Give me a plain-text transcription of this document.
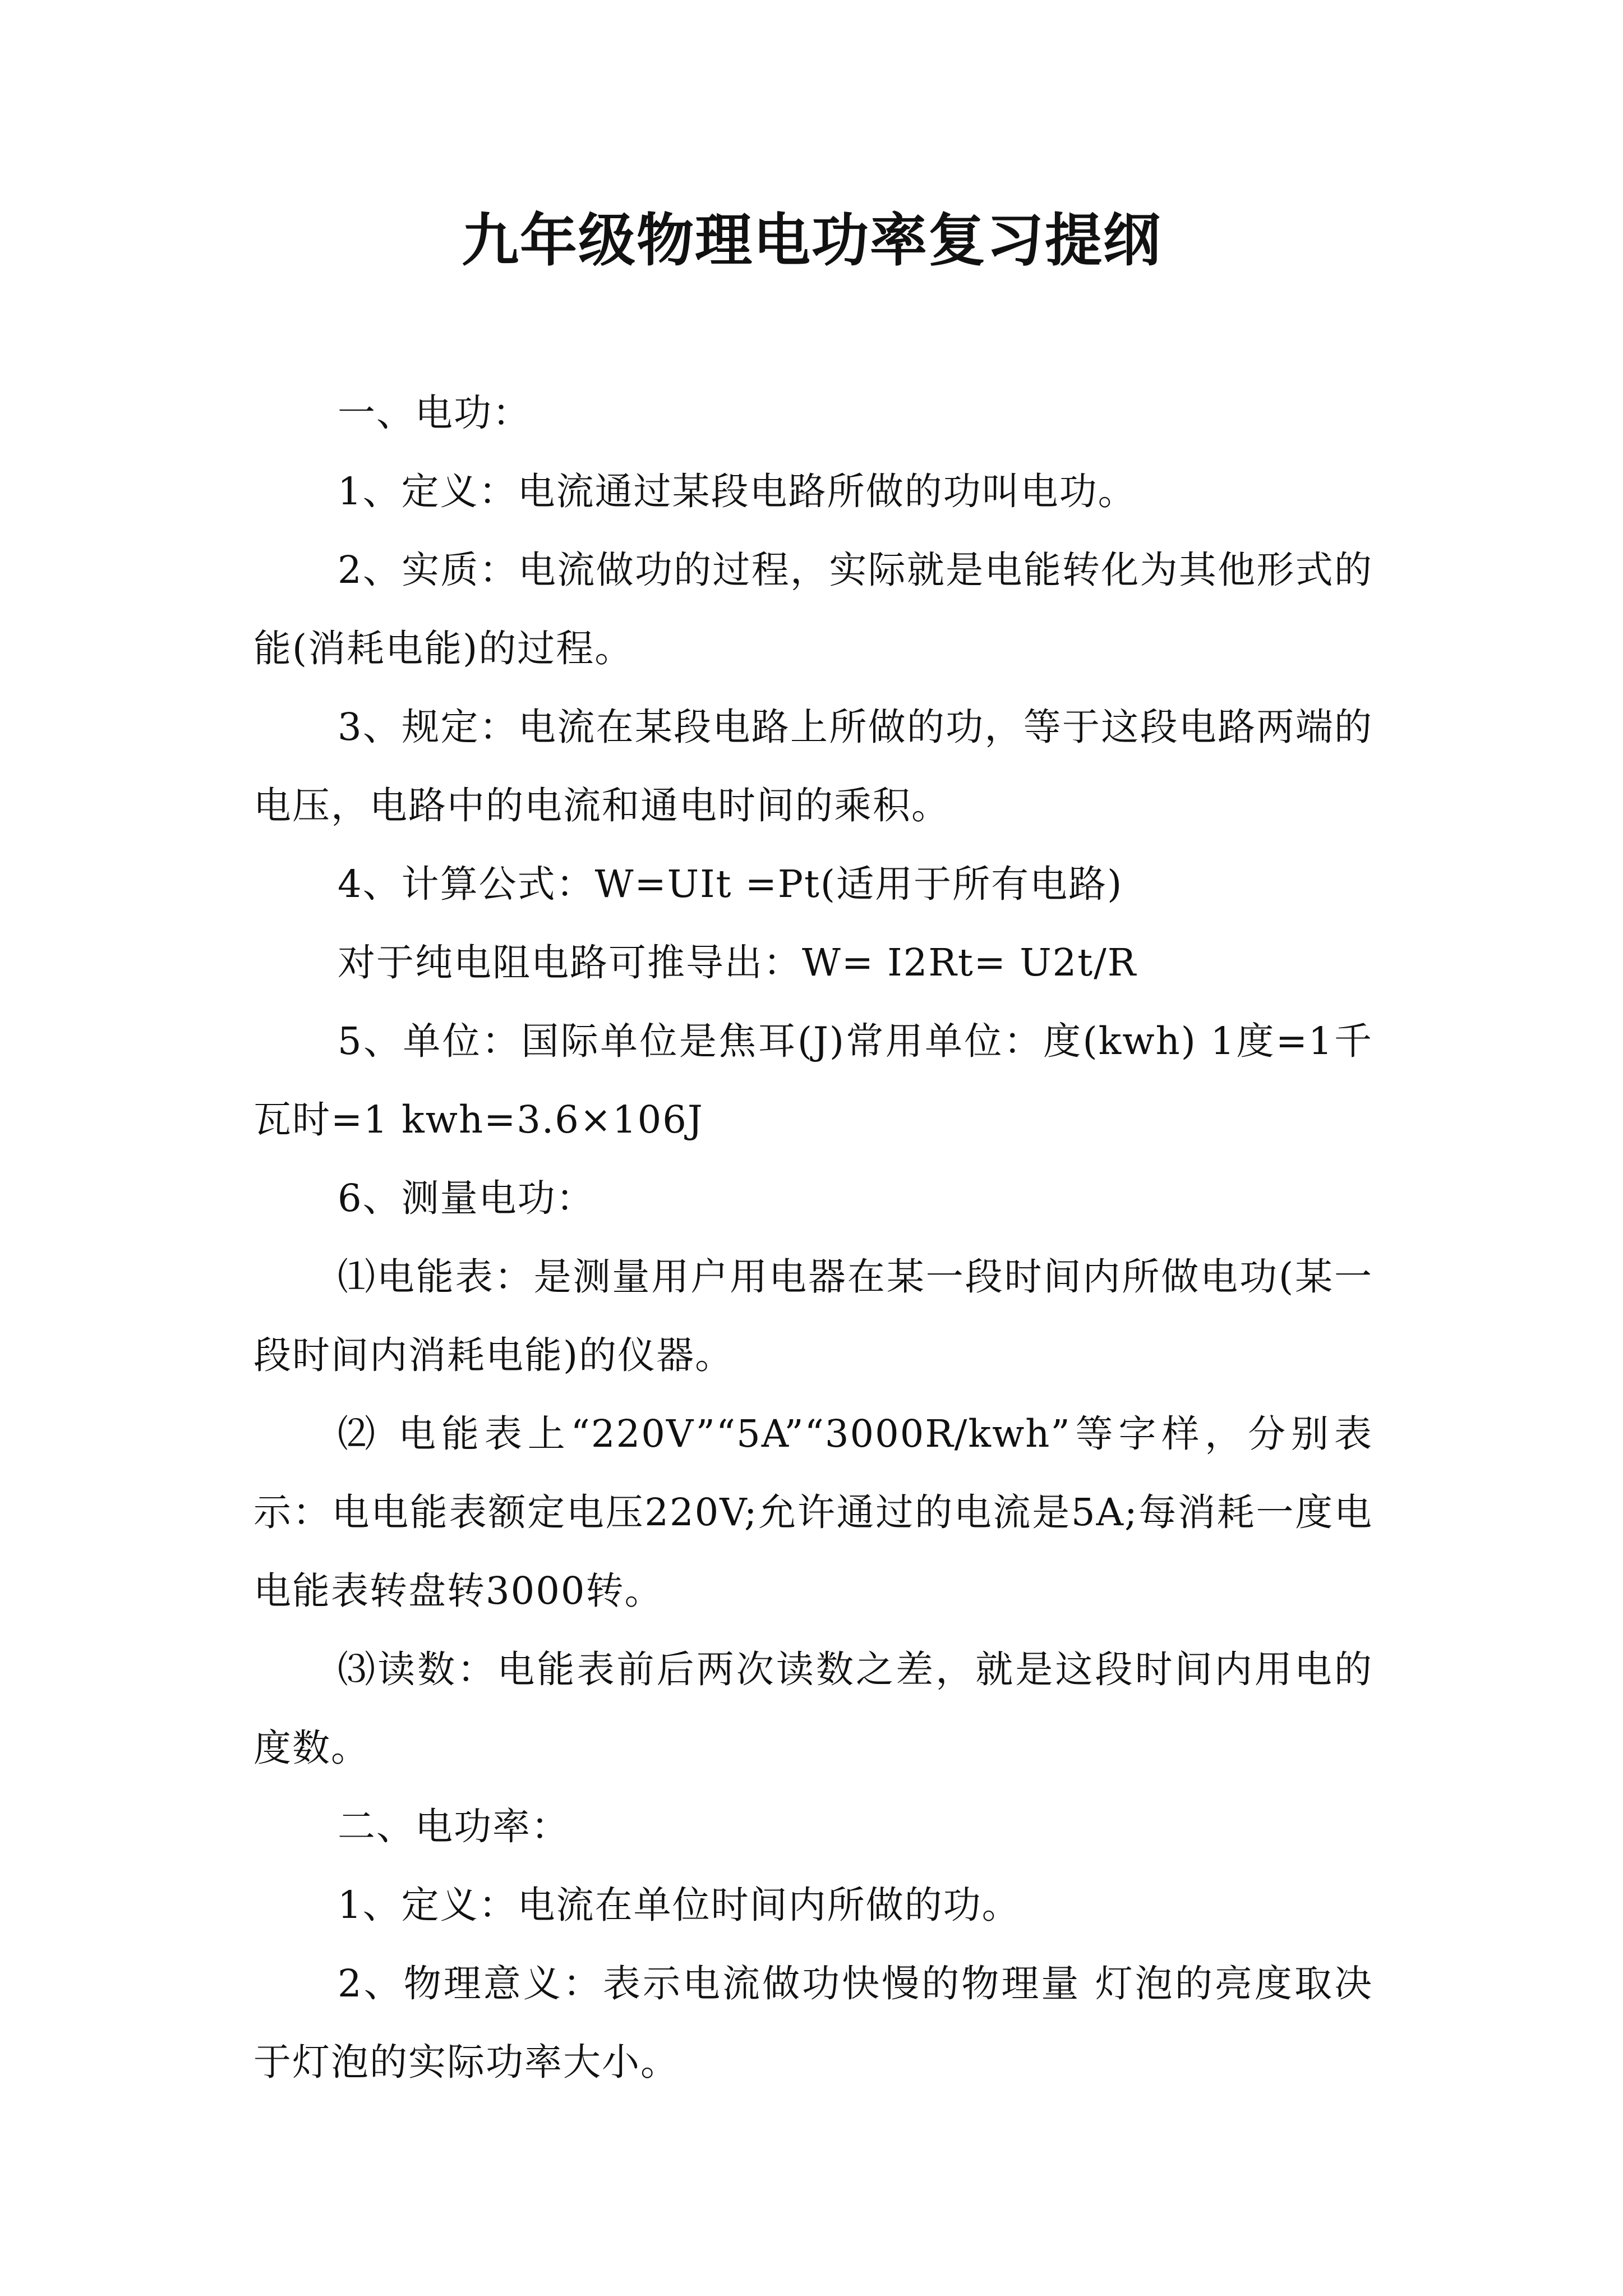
九年级物理电功率复习提纲

一、电功：

1、定义：电流通过某段电路所做的功叫电功。

2、实质：电流做功的过程，实际就是电能转化为其他形式的能(消耗电能)的过程。

3、规定：电流在某段电路上所做的功，等于这段电路两端的电压，电路中的电流和通电时间的乘积。

4、计算公式：W=UIt =Pt(适用于所有电路)

对于纯电阻电路可推导出：W= I2Rt= U2t/R

5、单位：国际单位是焦耳(J)常用单位：度(kwh) 1度=1千瓦时=1 kwh=3.6×106J

6、测量电功：

⑴电能表：是测量用户用电器在某一段时间内所做电功(某一段时间内消耗电能)的仪器。

⑵ 电能表上“220V”“5A”“3000R/kwh”等字样，分别表示：电电能表额定电压220V;允许通过的电流是5A;每消耗一度电电能表转盘转3000转。

⑶读数：电能表前后两次读数之差，就是这段时间内用电的度数。

二、电功率：

1、定义：电流在单位时间内所做的功。

2、物理意义：表示电流做功快慢的物理量 灯泡的亮度取决于灯泡的实际功率大小。
